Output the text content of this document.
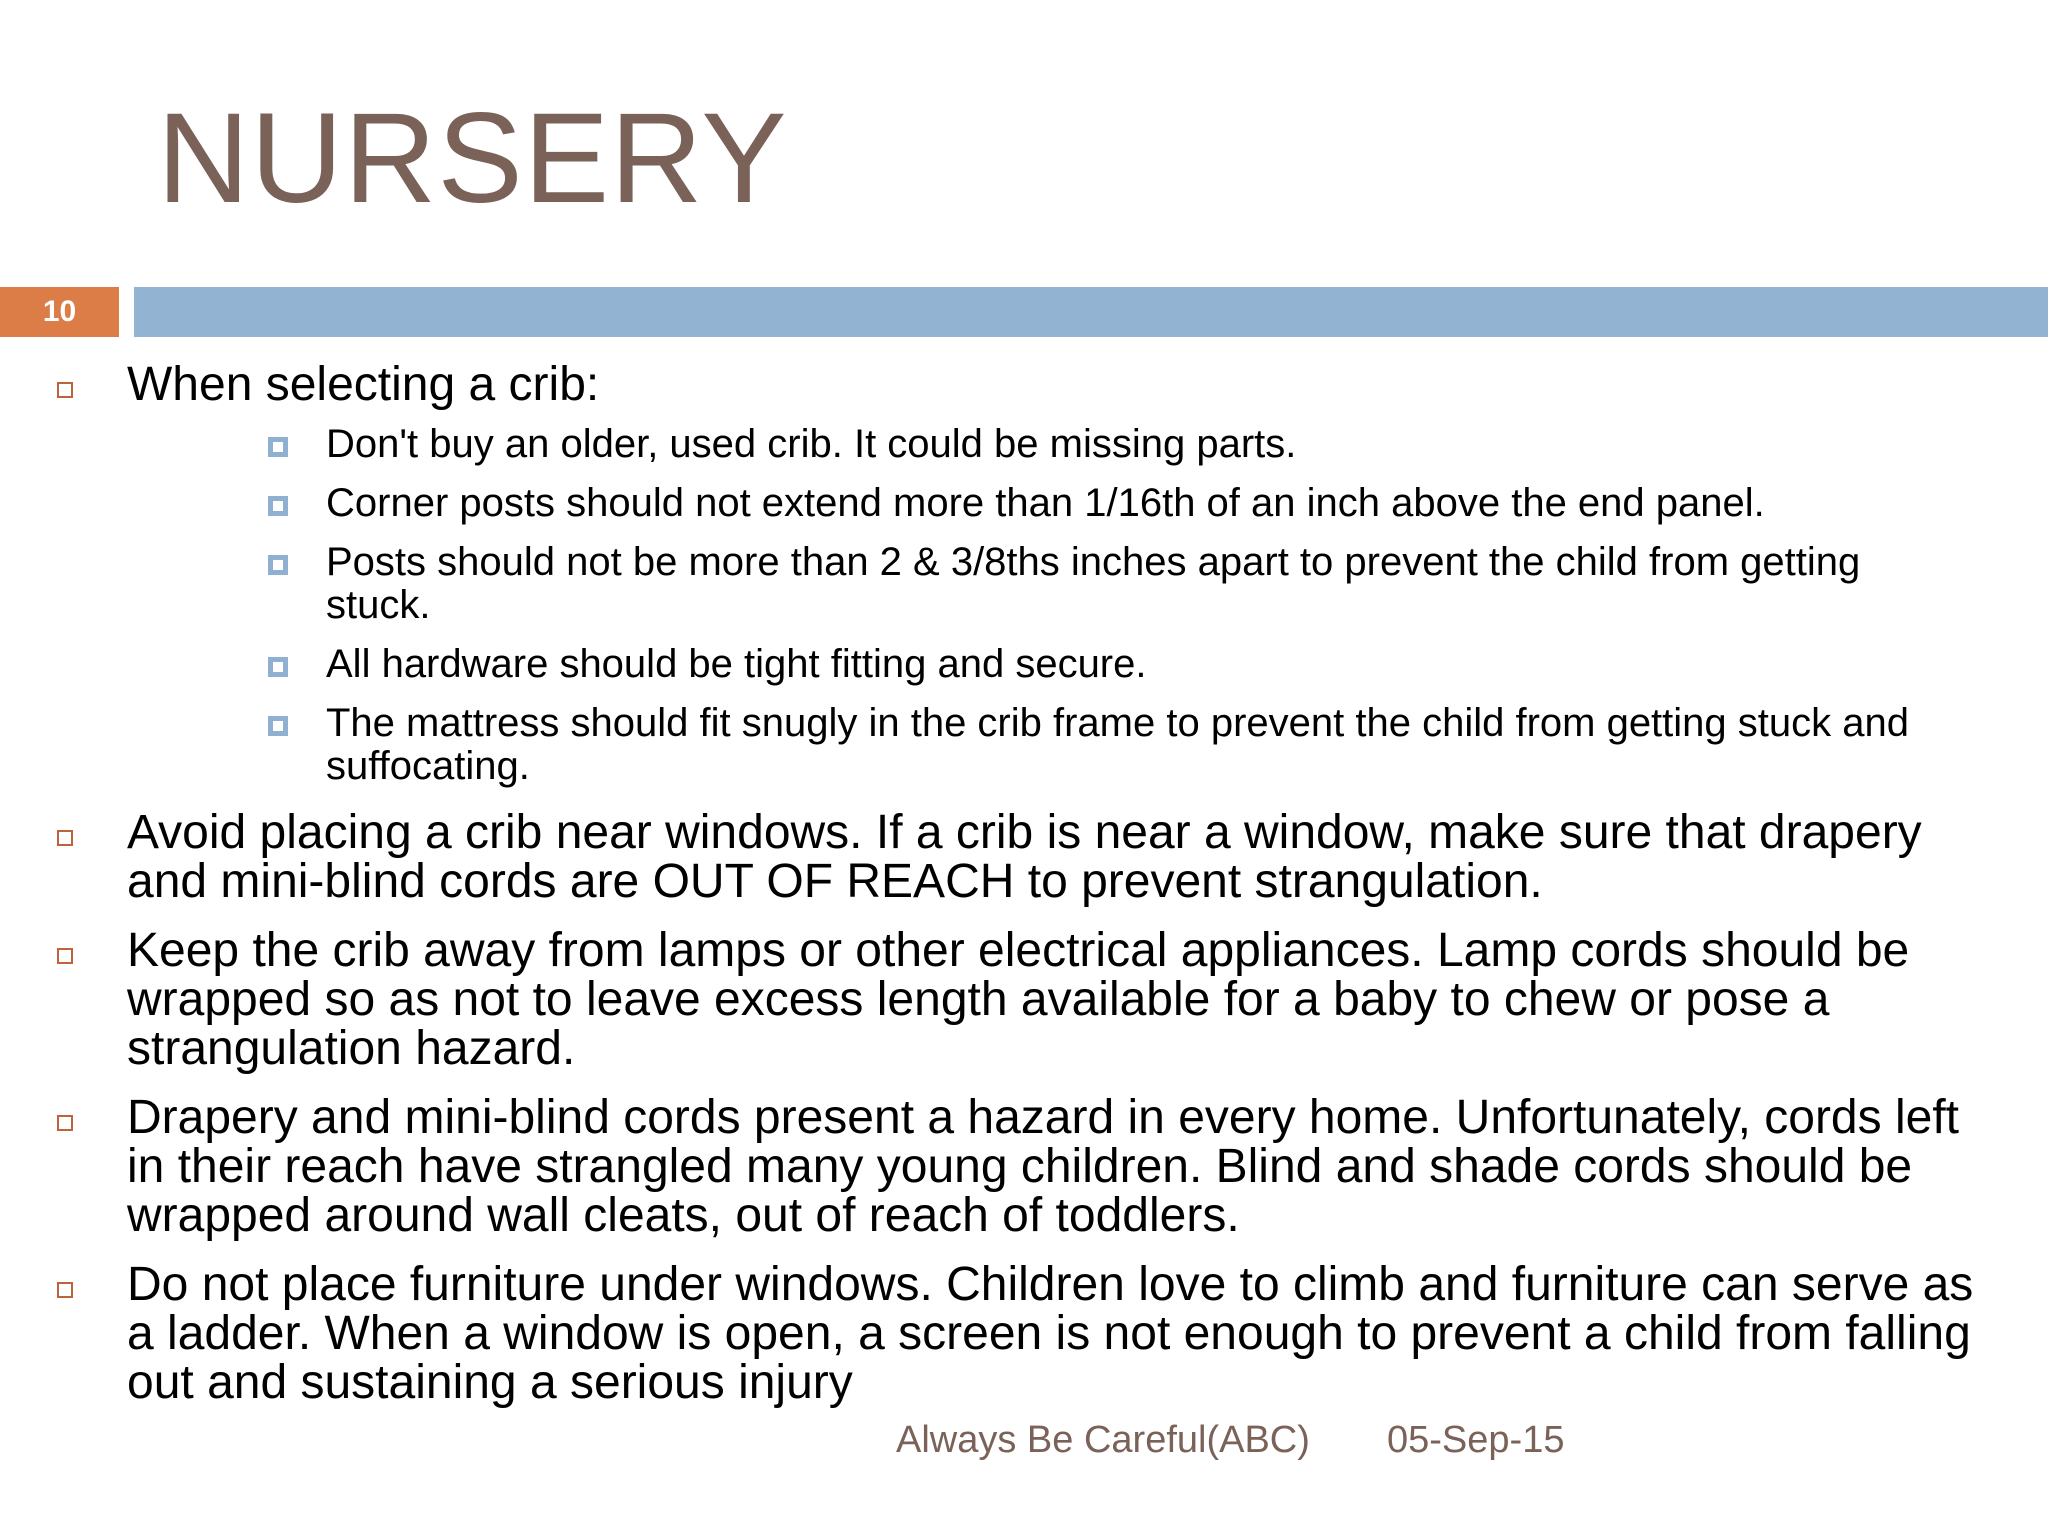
NURSERY
10
When selecting a crib:
Don't buy an older, used crib. It could be missing parts.
Corner posts should not extend more than 1/16th of an inch above the end panel.
Posts should not be more than 2 & 3/8ths inches apart to prevent the child from getting stuck.
All hardware should be tight fitting and secure.
The mattress should fit snugly in the crib frame to prevent the child from getting stuck and suffocating.
Avoid placing a crib near windows. If a crib is near a window, make sure that drapery and mini-blind cords are OUT OF REACH to prevent strangulation.
Keep the crib away from lamps or other electrical appliances. Lamp cords should be wrapped so as not to leave excess length available for a baby to chew or pose a strangulation hazard.
Drapery and mini-blind cords present a hazard in every home. Unfortunately, cords left in their reach have strangled many young children. Blind and shade cords should be wrapped around wall cleats, out of reach of toddlers.
Do not place furniture under windows. Children love to climb and furniture can serve as a ladder. When a window is open, a screen is not enough to prevent a child from falling out and sustaining a serious injury
Always Be Careful(ABC) 05-Sep-15
